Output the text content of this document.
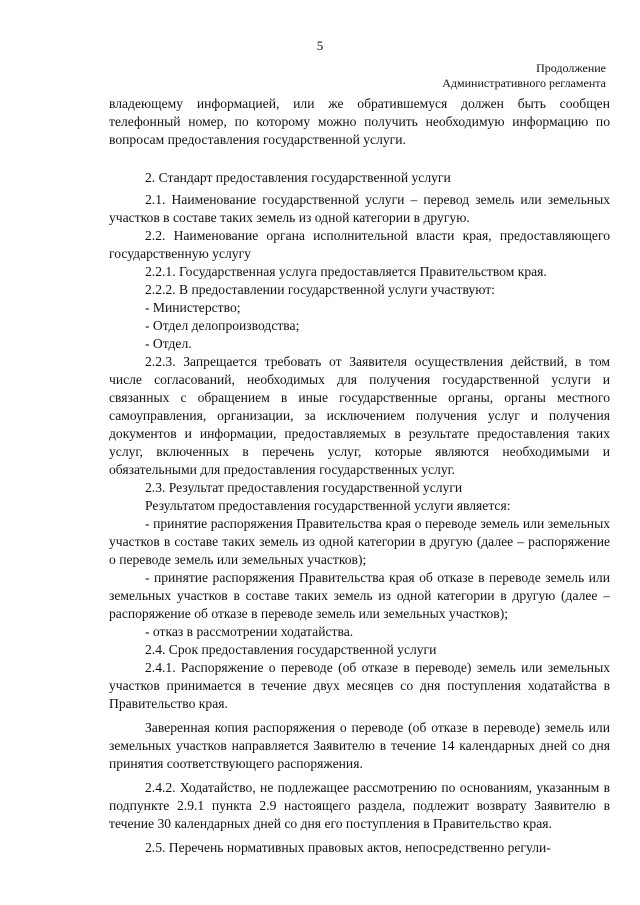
5
Продолжение
Административного регламента

владеющему информацией, или же обратившемуся должен быть сообщен телефонный номер, по которому можно получить необходимую информацию по вопросам предоставления государственной услуги.

2. Стандарт предоставления государственной услуги

2.1. Наименование государственной услуги – перевод земель или земельных участков в составе таких земель из одной категории в другую.

2.2. Наименование органа исполнительной власти края, предоставляющего государственную услугу

2.2.1. Государственная услуга предоставляется Правительством края.

2.2.2. В предоставлении государственной услуги участвуют:

- Министерство;

- Отдел делопроизводства;

- Отдел.

2.2.3. Запрещается требовать от Заявителя осуществления действий, в том числе согласований, необходимых для получения государственной услуги и связанных с обращением в иные государственные органы, органы местного самоуправления, организации, за исключением получения услуг и получения документов и информации, предоставляемых в результате предоставления таких услуг, включенных в перечень услуг, которые являются необходимыми и обязательными для предоставления государственных услуг.

2.3. Результат предоставления государственной услуги

Результатом предоставления государственной услуги является:

- принятие распоряжения Правительства края о переводе земель или земельных участков в составе таких земель из одной категории в другую (далее – распоряжение о переводе земель или земельных участков);

- принятие распоряжения Правительства края об отказе в переводе земель или земельных участков в составе таких земель из одной категории в другую (далее – распоряжение об отказе в переводе земель или земельных участков);

- отказ в рассмотрении ходатайства.

2.4. Срок предоставления государственной услуги

2.4.1. Распоряжение о переводе (об отказе в переводе) земель или земельных участков принимается в течение двух месяцев со дня поступления ходатайства в Правительство края.

Заверенная копия распоряжения о переводе (об отказе в переводе) земель или земельных участков направляется Заявителю в течение 14 календарных дней со дня принятия соответствующего распоряжения.

2.4.2. Ходатайство, не подлежащее рассмотрению по основаниям, указанным в подпункте 2.9.1 пункта 2.9 настоящего раздела, подлежит возврату Заявителю в течение 30 календарных дней со дня его поступления в Правительство края.

2.5. Перечень нормативных правовых актов, непосредственно регули-
